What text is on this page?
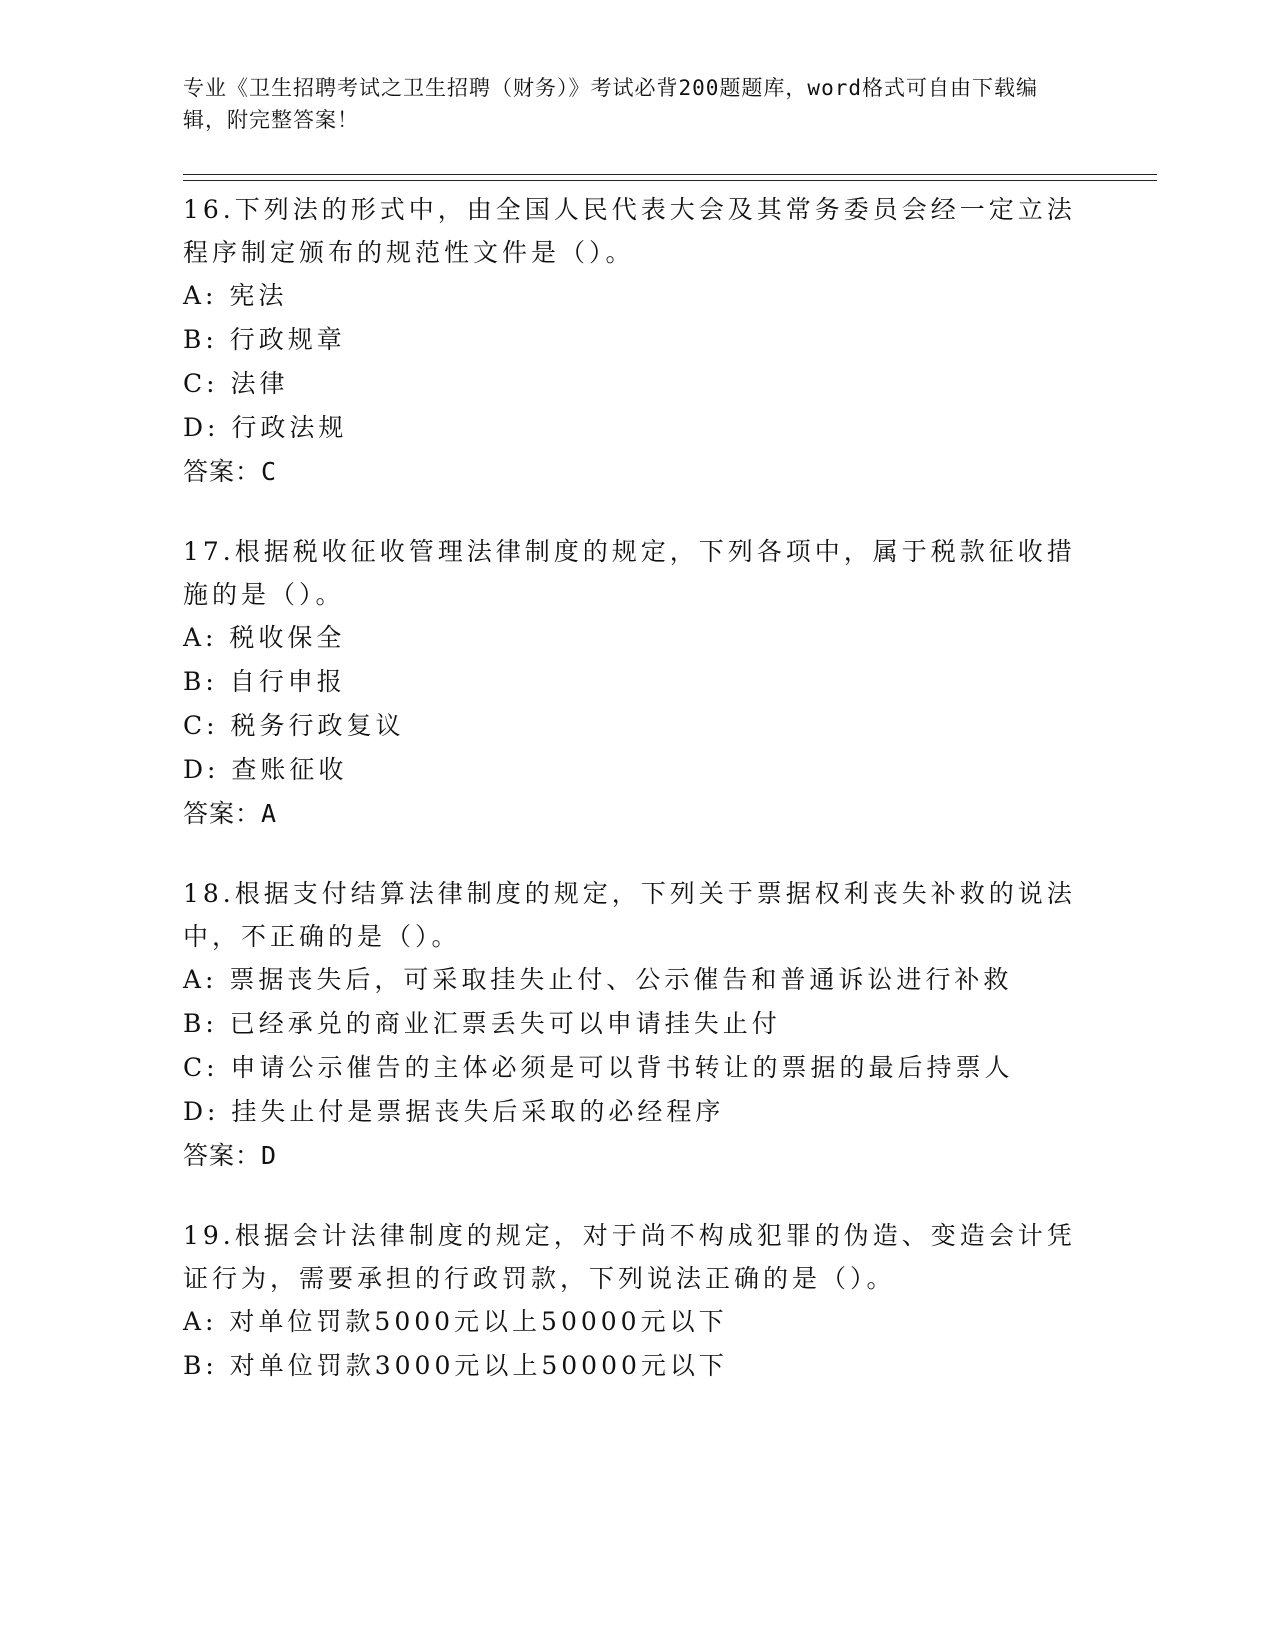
专业《卫生招聘考试之卫生招聘（财务）》考试必背200题题库，word格式可自由下载编辑，附完整答案！

16.下列法的形式中，由全国人民代表大会及其常务委员会经一定立法程序制定颁布的规范性文件是（）。

A: 宪法

B: 行政规章

C: 法律

D: 行政法规

答案：C

17.根据税收征收管理法律制度的规定，下列各项中，属于税款征收措施的是（）。

A: 税收保全

B: 自行申报

C: 税务行政复议

D: 查账征收

答案：A

18.根据支付结算法律制度的规定，下列关于票据权利丧失补救的说法中，不正确的是（）。

A: 票据丧失后，可采取挂失止付、公示催告和普通诉讼进行补救

B: 已经承兑的商业汇票丢失可以申请挂失止付

C: 申请公示催告的主体必须是可以背书转让的票据的最后持票人

D: 挂失止付是票据丧失后采取的必经程序

答案：D

19.根据会计法律制度的规定，对于尚不构成犯罪的伪造、变造会计凭证行为，需要承担的行政罚款，下列说法正确的是（）。

A: 对单位罚款5000元以上50000元以下

B: 对单位罚款3000元以上50000元以下
